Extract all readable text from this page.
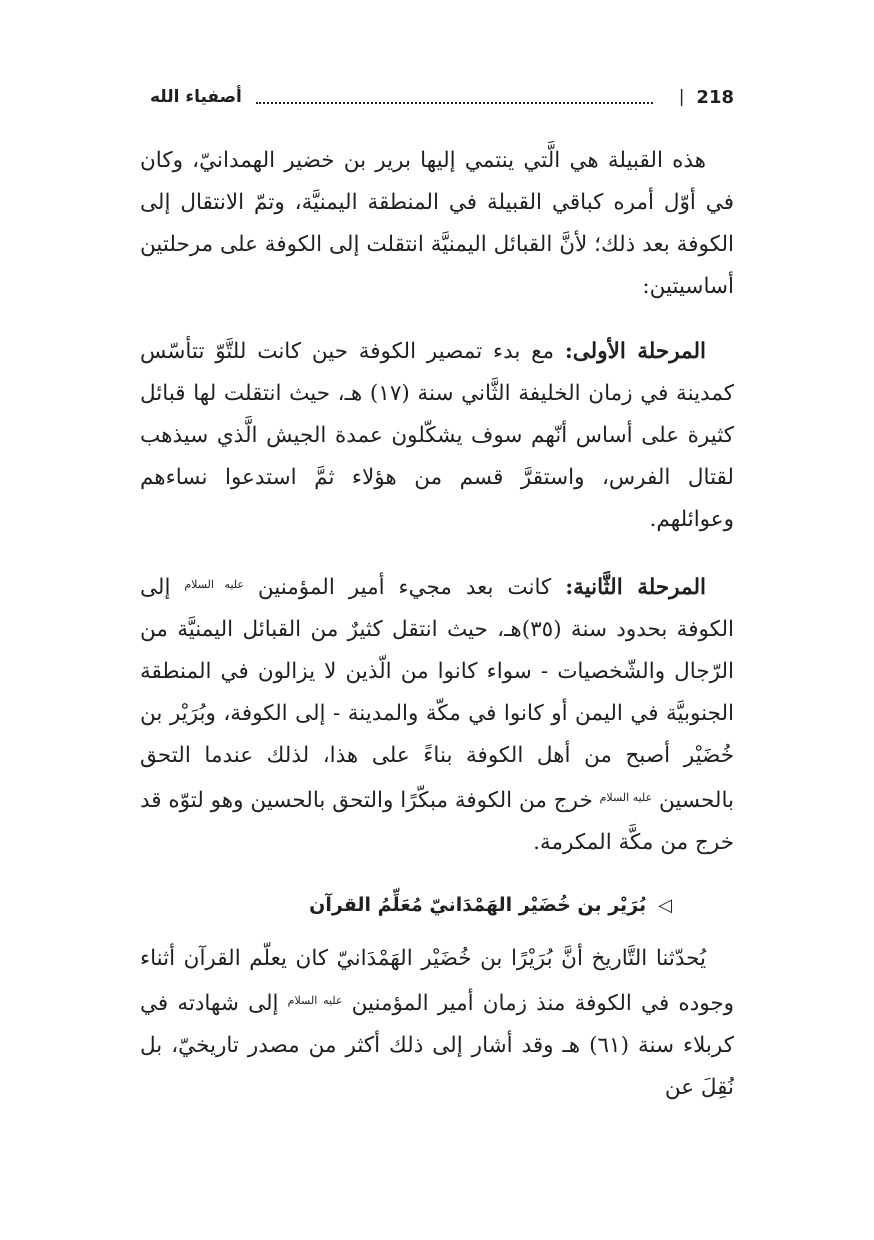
218
|
أصفياء الله

هذه القبيلة هي الَّتي ينتمي إليها برير بن خضير الهمدانيّ، وكان في أوّل أمره كباقي القبيلة في المنطقة اليمنيَّة، وتمّ الانتقال إلى الكوفة بعد ذلك؛ لأنَّ القبائل اليمنيَّة انتقلت إلى الكوفة على مرحلتين أساسيتين:

المرحلة الأولى: مع بدء تمصير الكوفة حين كانت للتَّوّ تتأسّس كمدينة في زمان الخليفة الثَّاني سنة (١٧) هـ، حيث انتقلت لها قبائل كثيرة على أساس أنّهم سوف يشكّلون عمدة الجيش الَّذي سيذهب لقتال الفرس، واستقرَّ قسم من هؤلاء ثمَّ استدعوا نساءهم وعوائلهم.

المرحلة الثَّانية: كانت بعد مجيء أمير المؤمنين $^{عليه السلام}$ إلى الكوفة بحدود سنة (٣٥)هـ، حيث انتقل كثيرٌ من القبائل اليمنيَّة من الرّجال والشّخصيات - سواء كانوا من الّذين لا يزالون في المنطقة الجنوبيَّة في اليمن أو كانوا في مكّة والمدينة - إلى الكوفة، وبُرَيْر بن خُضَيْر أصبح من أهل الكوفة بناءً على هذا، لذلك عندما التحق بالحسين $^{عليه السلام}$ خرج من الكوفة مبكّرًا والتحق بالحسين وهو لتوّه قد خرج من مكَّة المكرمة.

◁بُرَيْر بن خُضَيْر الهَمْدَانيّ مُعَلِّمُ القرآن

يُحدّثنا التَّاريخ أنَّ بُرَيْرًا بن خُضَيْر الهَمْدَانيّ كان يعلّم القرآن أثناء وجوده في الكوفة منذ زمان أمير المؤمنين $^{عليه السلام}$ إلى شهادته في كربلاء سنة (٦١) هـ وقد أشار إلى ذلك أكثر من مصدر تاريخيّ، بل نُقِلَ عن
